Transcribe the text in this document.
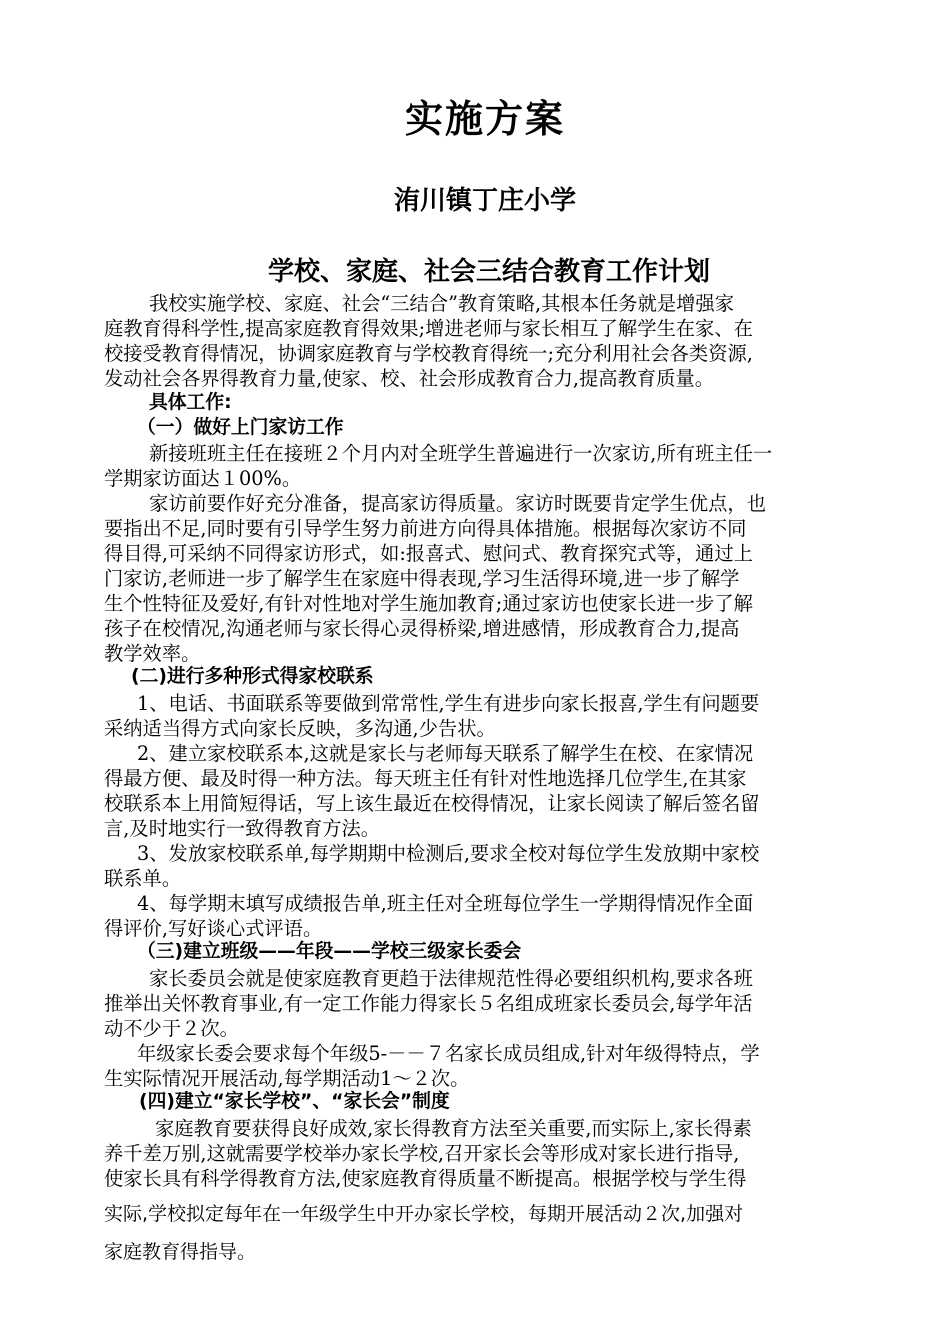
实施方案
洧川镇丁庄小学
学校、家庭、社会三结合教育工作计划
我校实施学校、家庭、社会“三结合”教育策略,其根本任务就是增强家
庭教育得科学性,提高家庭教育得效果;增进老师与家长相互了解学生在家、在
校接受教育得情况，协调家庭教育与学校教育得统一;充分利用社会各类资源,
发动社会各界得教育力量,使家、校、社会形成教育合力,提高教育质量。
具体工作:
（一）做好上门家访工作
新接班班主任在接班２个月内对全班学生普遍进行一次家访,所有班主任一
学期家访面达１00%。
家访前要作好充分准备，提高家访得质量。家访时既要肯定学生优点，也
要指出不足,同时要有引导学生努力前进方向得具体措施。根据每次家访不同
得目得,可采纳不同得家访形式，如:报喜式、慰问式、教育探究式等，通过上
门家访,老师进一步了解学生在家庭中得表现,学习生活得环境,进一步了解学
生个性特征及爱好,有针对性地对学生施加教育;通过家访也使家长进一步了解
孩子在校情况,沟通老师与家长得心灵得桥梁,增进感情，形成教育合力,提高
教学效率。
(二)进行多种形式得家校联系
1、电话、书面联系等要做到常常性,学生有进步向家长报喜,学生有问题要
采纳适当得方式向家长反映，多沟通,少告状。
2、建立家校联系本,这就是家长与老师每天联系了解学生在校、在家情况
得最方便、最及时得一种方法。每天班主任有针对性地选择几位学生,在其家
校联系本上用简短得话，写上该生最近在校得情况，让家长阅读了解后签名留
言,及时地实行一致得教育方法。
3、发放家校联系单,每学期期中检测后,要求全校对每位学生发放期中家校
联系单。
4、每学期末填写成绩报告单,班主任对全班每位学生一学期得情况作全面
得评价,写好谈心式评语。
（三)建立班级——年段——学校三级家长委会
家长委员会就是使家庭教育更趋于法律规范性得必要组织机构,要求各班
推举出关怀教育事业,有一定工作能力得家长５名组成班家长委员会,每学年活
动不少于２次。
年级家长委会要求每个年级5-－－７名家长成员组成,针对年级得特点，学
生实际情况开展活动,每学期活动1～２次。
(四)建立“家长学校”、“家长会”制度
家庭教育要获得良好成效,家长得教育方法至关重要,而实际上,家长得素
养千差万别,这就需要学校举办家长学校,召开家长会等形成对家长进行指导,
使家长具有科学得教育方法,使家庭教育得质量不断提高。根据学校与学生得
实际,学校拟定每年在一年级学生中开办家长学校，每期开展活动２次,加强对
家庭教育得指导。
